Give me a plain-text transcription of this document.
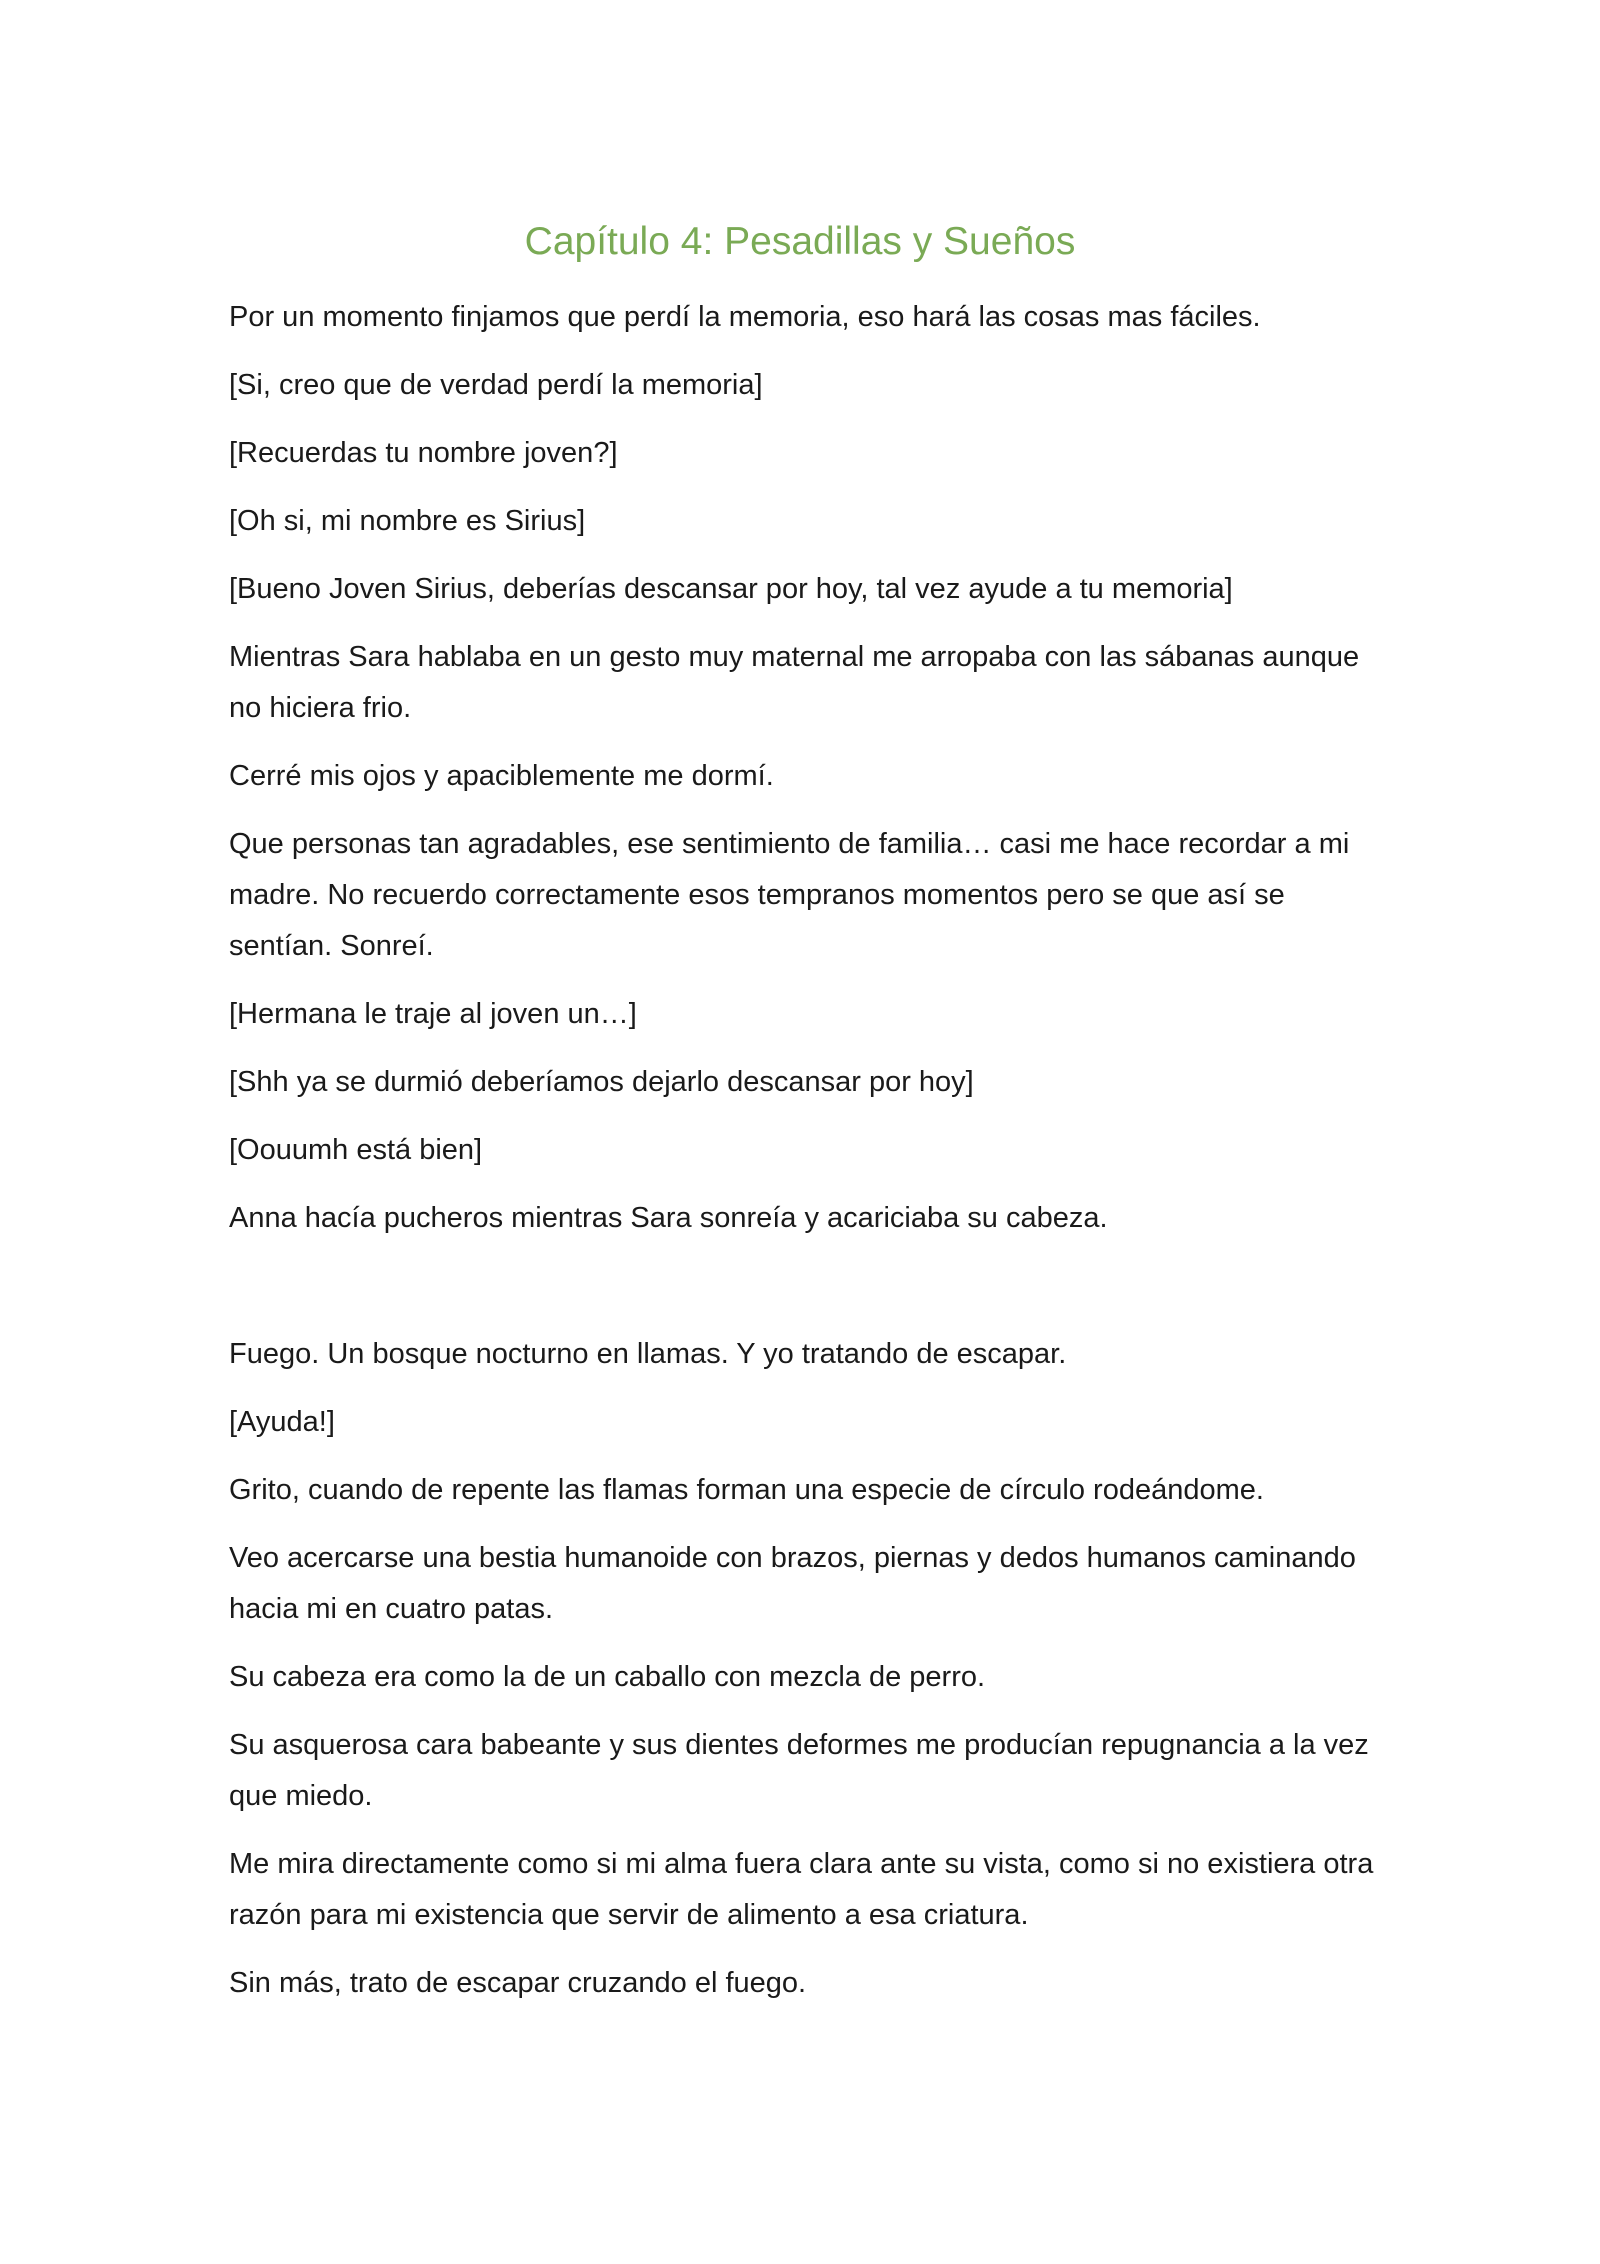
Capítulo 4: Pesadillas y Sueños

Por un momento finjamos que perdí la memoria, eso hará las cosas mas fáciles.

[Si, creo que de verdad perdí la memoria]

[Recuerdas tu nombre joven?]

[Oh si, mi nombre es Sirius]

[Bueno Joven Sirius, deberías descansar por hoy, tal vez ayude a tu memoria]

Mientras Sara hablaba en un gesto muy maternal me arropaba con las sábanas aunque no hiciera frio.

Cerré mis ojos y apaciblemente me dormí.

Que personas tan agradables, ese sentimiento de familia… casi me hace recordar a mi madre. No recuerdo correctamente esos tempranos momentos pero se que así se sentían. Sonreí.

[Hermana le traje al joven un…]

[Shh ya se durmió deberíamos dejarlo descansar por hoy]

[Oouumh está bien]

Anna hacía pucheros mientras Sara sonreía y acariciaba su cabeza.

Fuego. Un bosque nocturno en llamas. Y yo tratando de escapar.

[Ayuda!]

Grito, cuando de repente las flamas forman una especie de círculo rodeándome.

Veo acercarse una bestia humanoide con brazos, piernas y dedos humanos caminando hacia mi en cuatro patas.

Su cabeza era como la de un caballo con mezcla de perro.

Su asquerosa cara babeante y sus dientes deformes me producían repugnancia a la vez que miedo.

Me mira directamente como si mi alma fuera clara ante su vista, como si no existiera otra razón para mi existencia que servir de alimento a esa criatura.

Sin más, trato de escapar cruzando el fuego.
